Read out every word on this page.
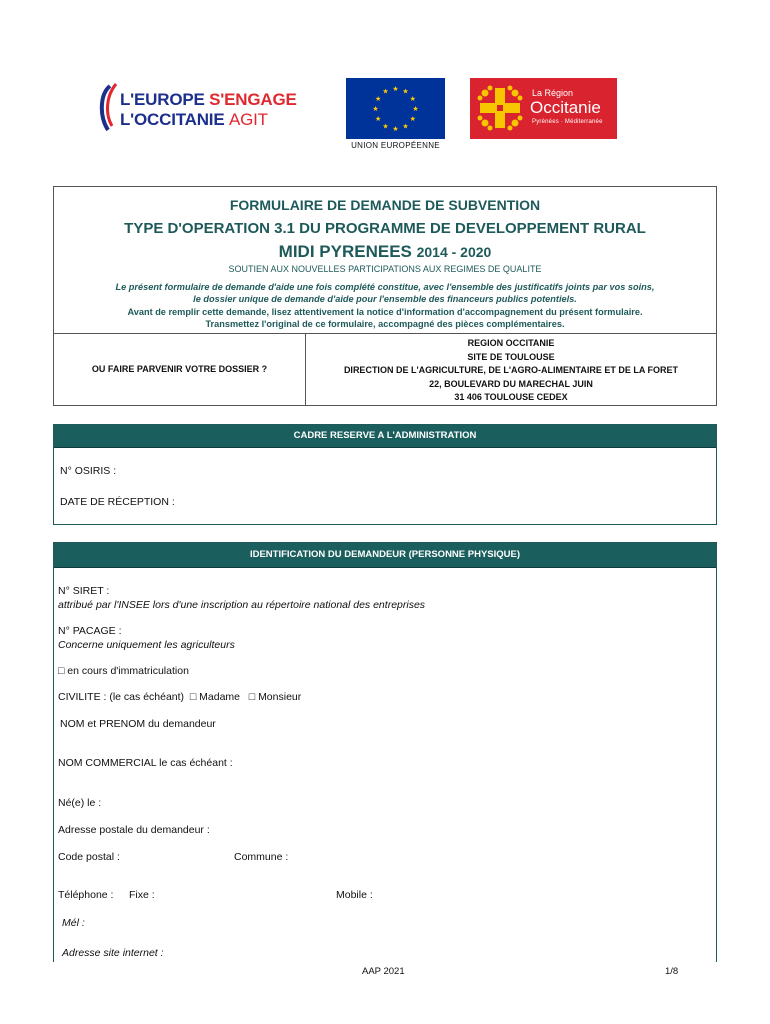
L'EUROPE S'ENGAGE
L'OCCITANIE AGIT
★ ★
★
★
★
★
★
★
★
★
★
★
UNION EUROPÉENNE
La Région
Occitanie
Pyrénées · Méditerranée
FORMULAIRE DE DEMANDE DE SUBVENTION
TYPE D'OPERATION 3.1 DU PROGRAMME DE DEVELOPPEMENT RURAL
MIDI PYRENEES 2014 - 2020
SOUTIEN AUX NOUVELLES PARTICIPATIONS AUX REGIMES DE QUALITE
Le présent formulaire de demande d'aide une fois complété constitue, avec l'ensemble des justificatifs joints par vos soins,
le dossier unique de demande d'aide pour l'ensemble des financeurs publics potentiels.
Avant de remplir cette demande, lisez attentivement la notice d'information d'accompagnement du présent formulaire.
Transmettez l'original de ce formulaire, accompagné des pièces complémentaires.
OU FAIRE PARVENIR VOTRE DOSSIER ?
REGION OCCITANIE
SITE DE TOULOUSE
DIRECTION DE L'AGRICULTURE, DE L'AGRO-ALIMENTAIRE ET DE LA FORET
22, BOULEVARD DU MARECHAL JUIN
31 406 TOULOUSE CEDEX
CADRE RESERVE A L'ADMINISTRATION
N° OSIRIS :
DATE DE RÉCEPTION :
IDENTIFICATION DU DEMANDEUR (PERSONNE PHYSIQUE)
N° SIRET :
attribué par l'INSEE lors d'une inscription au répertoire national des entreprises
N° PACAGE :
Concerne uniquement les agriculteurs
□ en cours d'immatriculation
CIVILITE : (le cas échéant) □ Madame □ Monsieur
NOM et PRENOM du demandeur
NOM COMMERCIAL le cas échéant :
Né(e) le :
Adresse postale du demandeur :
Code postal :	Commune :
Téléphone : Fixe :	Mobile :
Mél :
Adresse site internet :
AAP 2021	1/8
